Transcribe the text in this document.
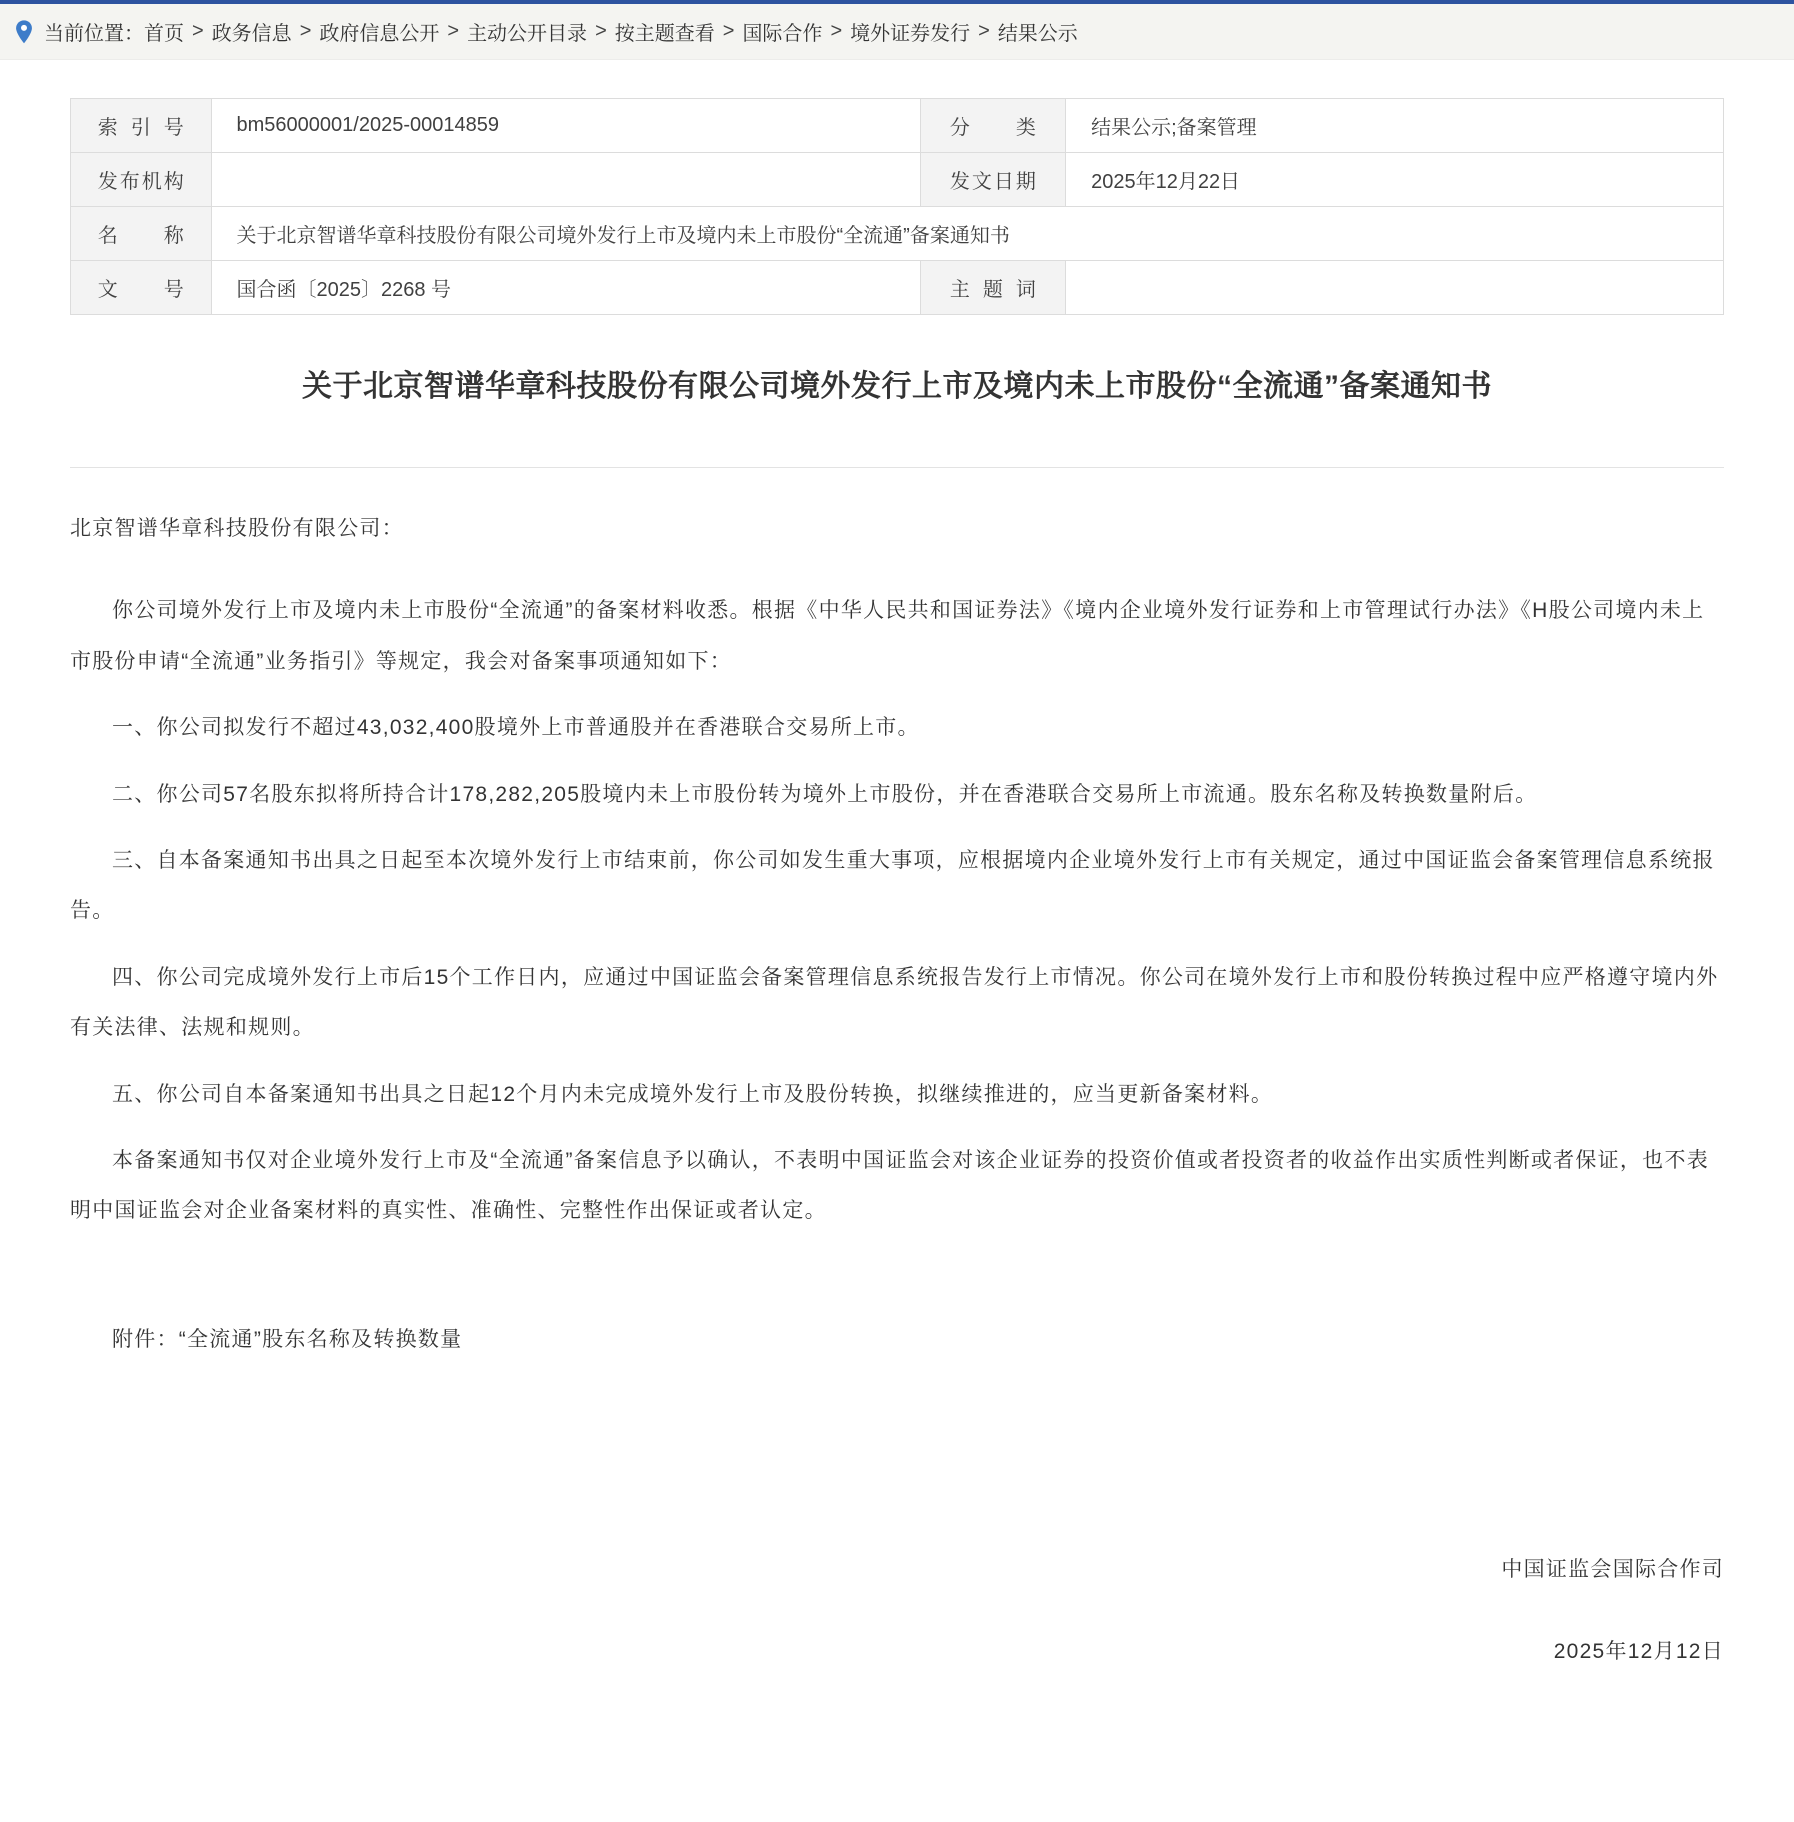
当前位置： 首页 > 政务信息 > 政府信息公开 > 主动公开目录 > 按主题查看 > 国际合作 > 境外证券发行 > 结果公示
索引号	bm56000001/2025-00014859	分类	结果公示;备案管理
发布机构		发文日期	2025年12月22日
名称	关于北京智谱华章科技股份有限公司境外发行上市及境内未上市股份“全流通”备案通知书		
文号	国合函〔2025〕2268 号	主题词	
关于北京智谱华章科技股份有限公司境外发行上市及境内未上市股份“全流通”备案通知书

北京智谱华章科技股份有限公司：

你公司境外发行上市及境内未上市股份“全流通”的备案材料收悉。根据《中华人民共和国证券法》《境内企业境外发行证券和上市管理试行办法》《H股公司境内未上市股份申请“全流通”业务指引》等规定，我会对备案事项通知如下：

一、你公司拟发行不超过43,032,400股境外上市普通股并在香港联合交易所上市。

二、你公司57名股东拟将所持合计178,282,205股境内未上市股份转为境外上市股份，并在香港联合交易所上市流通。股东名称及转换数量附后。

三、自本备案通知书出具之日起至本次境外发行上市结束前，你公司如发生重大事项，应根据境内企业境外发行上市有关规定，通过中国证监会备案管理信息系统报告。

四、你公司完成境外发行上市后15个工作日内，应通过中国证监会备案管理信息系统报告发行上市情况。你公司在境外发行上市和股份转换过程中应严格遵守境内外有关法律、法规和规则。

五、你公司自本备案通知书出具之日起12个月内未完成境外发行上市及股份转换，拟继续推进的，应当更新备案材料。

本备案通知书仅对企业境外发行上市及“全流通”备案信息予以确认，不表明中国证监会对该企业证券的投资价值或者投资者的收益作出实质性判断或者保证，也不表明中国证监会对企业备案材料的真实性、准确性、完整性作出保证或者认定。

附件：“全流通”股东名称及转换数量

中国证监会国际合作司

2025年12月12日
